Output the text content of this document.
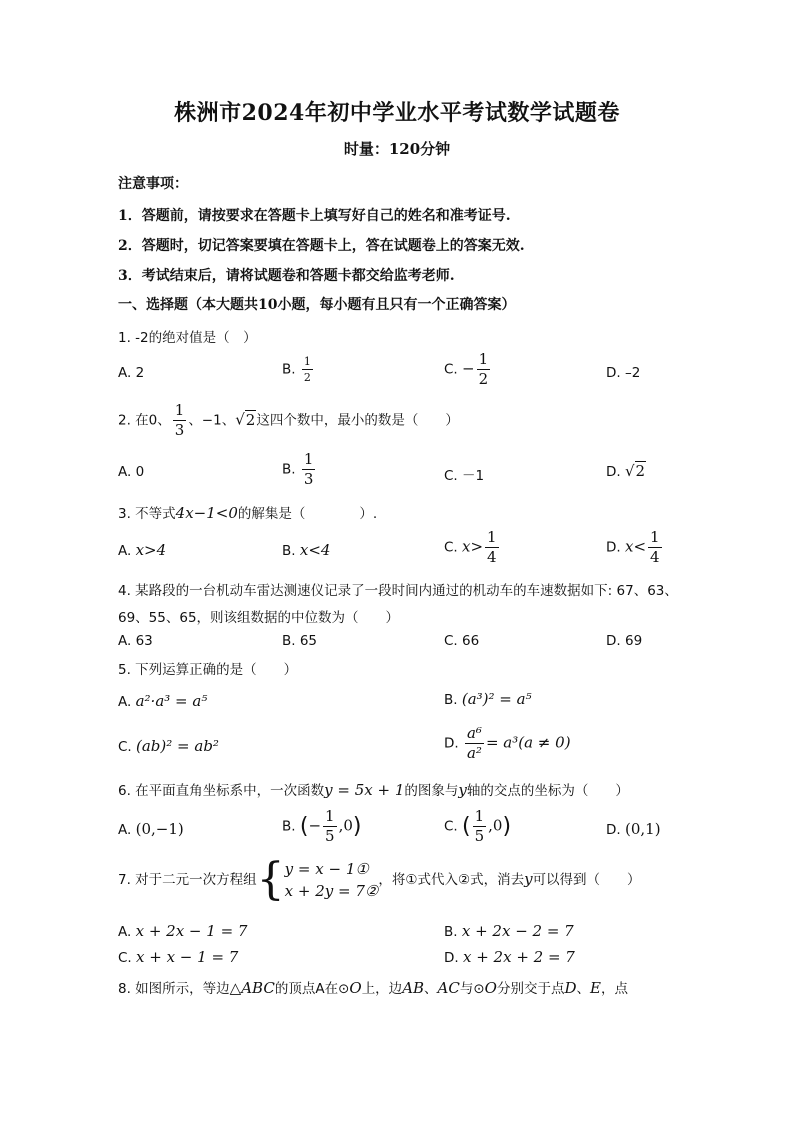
株洲市2024年初中学业水平考试数学试题卷
时量：120分钟
注意事项：
1．答题前，请按要求在答题卡上填写好自己的姓名和准考证号.
2．答题时，切记答案要填在答题卡上，答在试题卷上的答案无效.
3．考试结束后，请将试题卷和答题卡都交给监考老师.
一、选择题（本大题共10小题，每小题有且只有一个正确答案）
1. -2的绝对值是（　）
A. 2	B. $\frac{1}{2}$	C. − $\frac{1}{2}$	D. –2
2. 在0、 $\frac{1}{3}$ 、−1、√2这四个数中，最小的数是（　　）
A. 0	B. $\frac{1}{3}$	C. －1	D. √2
3. 不等式4x−1<0的解集是（　　　　）.
A. x>4	B. x<4	C. $x> \frac{1}{4}$	D. $x< \frac{1}{4}$
4. 某路段的一台机动车雷达测速仪记录了一段时间内通过的机动车的车速数据如下: 67、63、
69、55、65，则该组数据的中位数为（　　）
A. 63	B. 65	C. 66	D. 69
5. 下列运算正确的是（　　）
A. a²·a³ = a⁵	B. (a³)² = a⁵
C. (ab)² = ab²	D. $\frac{\text{a⁶}}{\text{a²}} = a^3(a \ne 0)$
6. 在平面直角坐标系中，一次函数y = 5x + 1的图象与y轴的交点的坐标为（　　）
A. (0,−1)	B. (− $\frac{1}{5} ,0$)	C. ( $\frac{1}{5} ,0$)	D. (0,1)
7. 对于二元一次方程组{ y = x − 1①
x + 2y = 7②
，将①式代入②式，消去y可以得到（　　）
A. x + 2x − 1 = 7	B. x + 2x − 2 = 7
C. x + x − 1 = 7	D. x + 2x + 2 = 7
8. 如图所示，等边△ABC的顶点A在⊙O上，边AB、AC与⊙O分别交于点D、E，点
